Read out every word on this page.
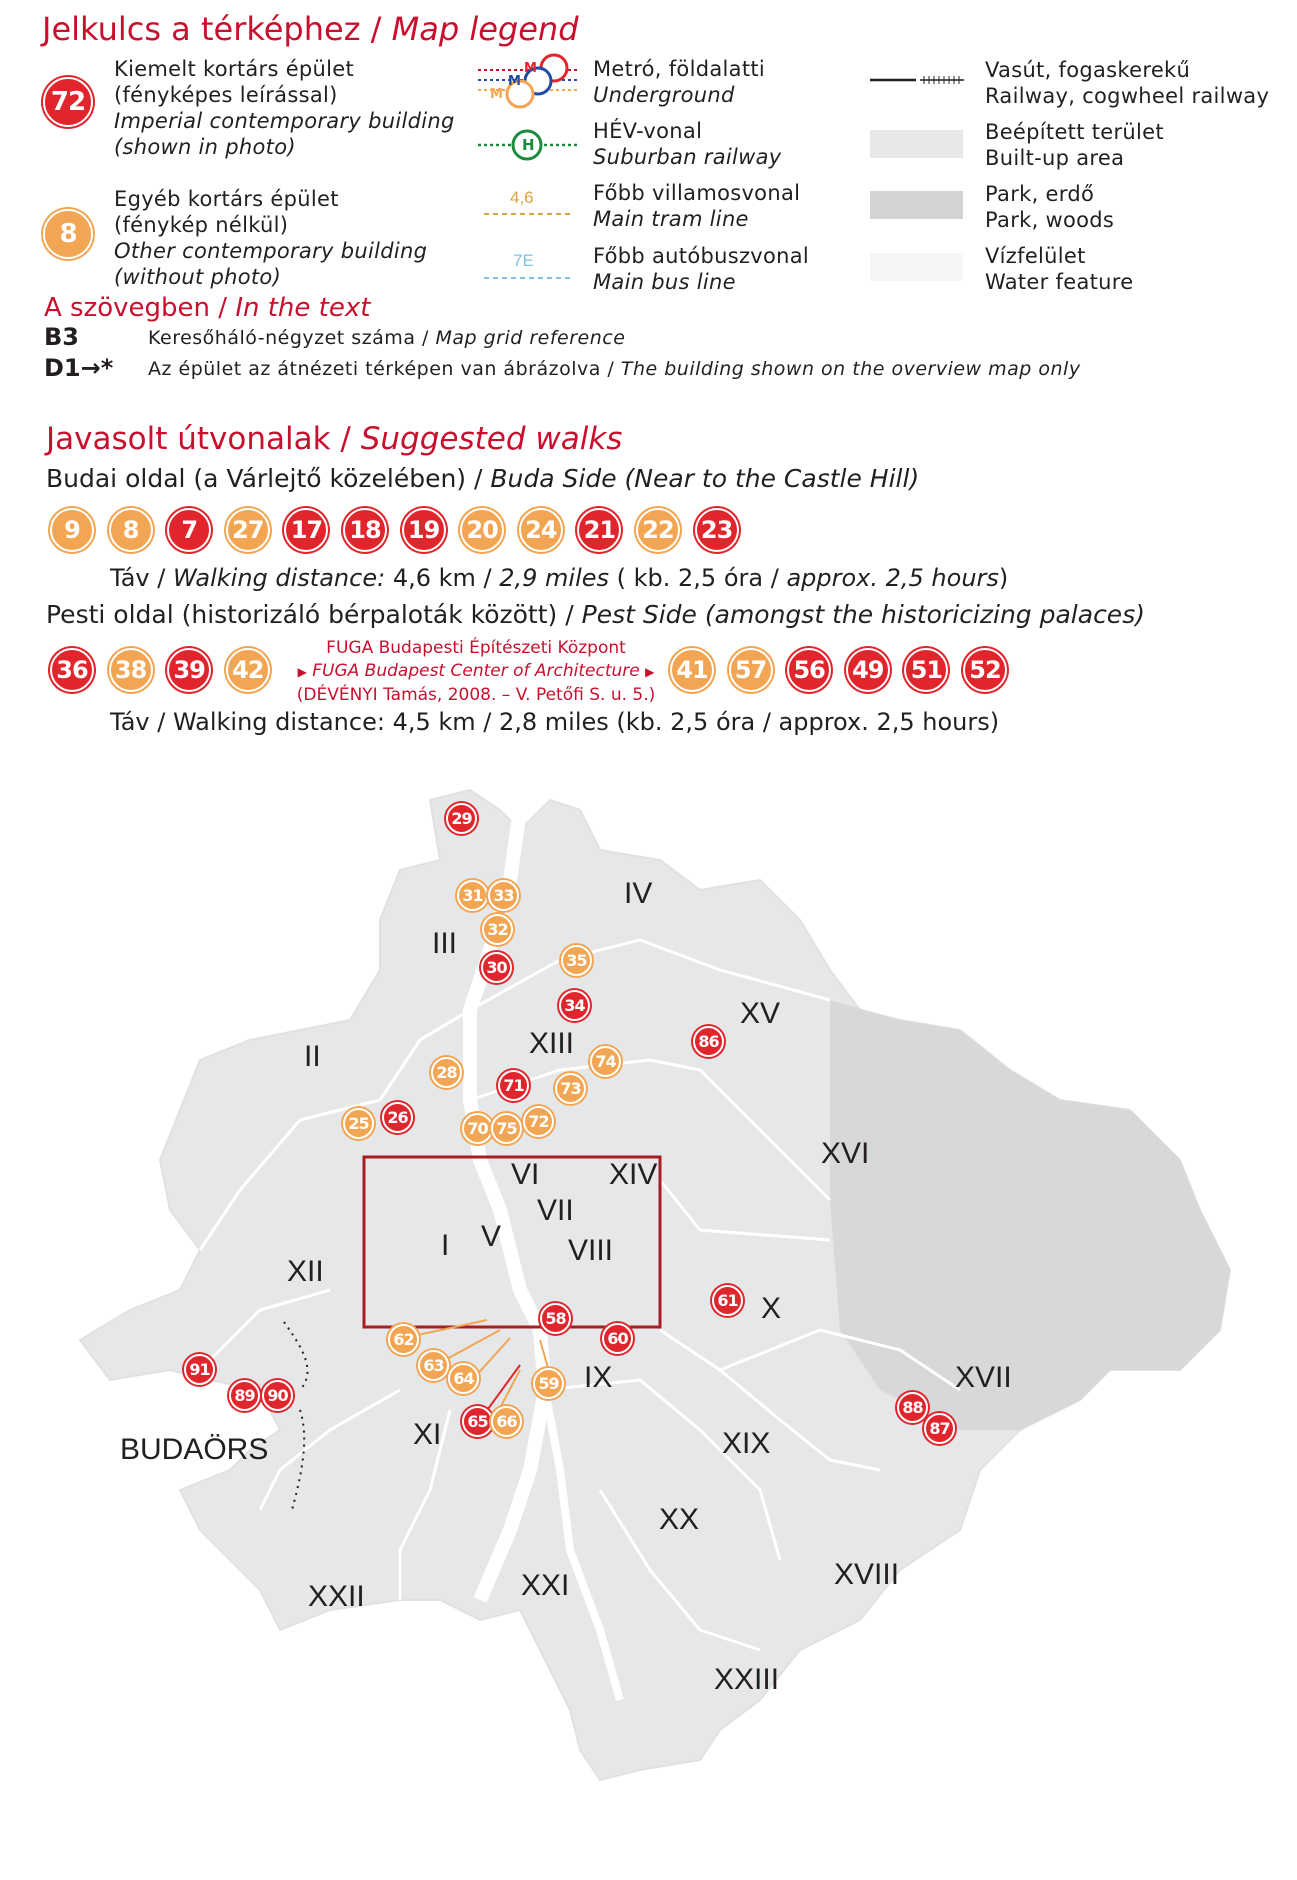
Jelkulcs a térképhez / Map legend
72
Kiemelt kortárs épület
(fényképes leírással)
Imperial contemporary building
(shown in photo)
8
Egyéb kortárs épület
(fénykép nélkül)
Other contemporary building
(without photo)
M
M
M
H
4,6
7E
Metró, földalatti
Underground
HÉV-vonal
Suburban railway
Főbb villamosvonal
Main tram line
Főbb autóbuszvonal
Main bus line
Vasút, fogaskerekű
Railway, cogwheel railway
Beépített terület
Built-up area
Park, erdő
Park, woods
Vízfelület
Water feature
A szövegben / In the text
B3	Keresőháló-négyzet száma / Map grid reference
D1→* Az épület az átnézeti térképen van ábrázolva / The building shown on the overview map only
Javasolt útvonalak / Suggested walks
Budai oldal (a Várlejtő közelében) / Buda Side (Near to the Castle Hill)
9	8	7	27 17 18 19 20 24 21 22 23
Táv / Walking distance: 4,6 km / 2,9 miles ( kb. 2,5 óra / approx. 2,5 hours)
Pesti oldal (historizáló bérpaloták között) / Pest Side (amongst the historicizing palaces)
36 38 39 42
FUGA Budapesti Építészeti Központ
▶ FUGA Budapest Center of Architecture ▶
(DÉVÉNYI Tamás, 2008. – V. Petőfi S. u. 5.)
41 57 56 49 51 52
Táv / Walking distance: 4,5 km / 2,8 miles (kb. 2,5 óra / approx. 2,5 hours)
III
IV
II	XIII
XV
XVI
VI XIV
VII
I V VIII
XII
X
IX	XVII
XI	XIX
XX
XXII	XXI	XVIII
XXIII
BUDAÖRS
29
31 33
32
30	35
34
86
74
28
73
71
26
25	70 75 72
61
58
60
62
63
64	59
65 66
91
89 90
88
87
